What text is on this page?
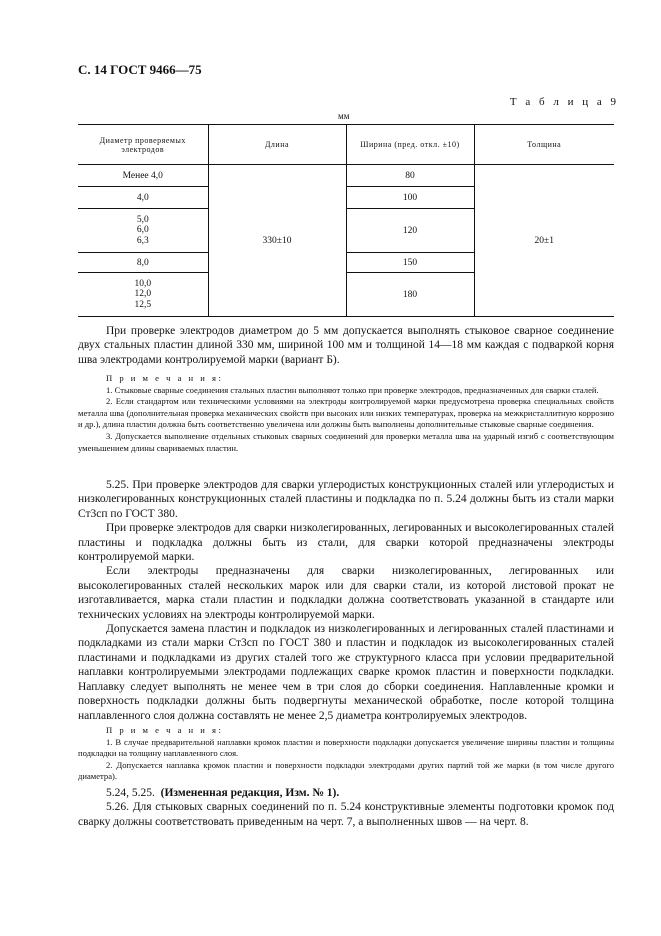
С. 14 ГОСТ 9466—75
Т а б л и ц а 9
мм
Диаметр проверяемых электродов	Длина	Ширина (пред. откл. ±10)	Толщина
Менее 4,0	330±10	80	20±1
4,0		100	
5,0
6,0
6,3		120	
8,0		150	
10,0
12,0
12,5		180	

При проверке электродов диаметром до 5 мм допускается выполнять стыковое сварное соединение двух стальных пластин длиной 330 мм, шириной 100 мм и толщиной 14—18 мм каждая с подваркой корня шва электродами контролируемой марки (вариант Б).

П р и м е ч а н и я:

1. Стыковые сварные соединения стальных пластин выполняют только при проверке электродов, предназначенных для сварки сталей.

2. Если стандартом или техническими условиями на электроды контролируемой марки предусмотрена проверка специальных свойств металла шва (дополнительная проверка механических свойств при высоких или низких температурах, проверка на межкристаллитную коррозию и др.), длина пластин должна быть соответственно увеличена или должны быть выполнены дополнительные стыковые сварные соединения.

3. Допускается выполнение отдельных стыковых сварных соединений для проверки металла шва на ударный изгиб с соответствующим уменьшением длины свариваемых пластин.

5.25. При проверке электродов для сварки углеродистых конструкционных сталей или углеродистых и низколегированных конструкционных сталей пластины и подкладка по п. 5.24 должны быть из стали марки Ст3сп по ГОСТ 380.

При проверке электродов для сварки низколегированных, легированных и высоколегированных сталей пластины и подкладка должны быть из стали, для сварки которой предназначены электроды контролируемой марки.

Если электроды предназначены для сварки низколегированных, легированных или высоколегированных сталей нескольких марок или для сварки стали, из которой листовой прокат не изготавливается, марка стали пластин и подкладки должна соответствовать указанной в стандарте или технических условиях на электроды контролируемой марки.

Допускается замена пластин и подкладок из низколегированных и легированных сталей пластинами и подкладками из стали марки Ст3сп по ГОСТ 380 и пластин и подкладок из высоколегированных сталей пластинами и подкладками из других сталей того же структурного класса при условии предварительной наплавки контролируемыми электродами подлежащих сварке кромок пластин и поверхности подкладки. Наплавку следует выполнять не менее чем в три слоя до сборки соединения. Наплавленные кромки и поверхность подкладки должны быть подвергнуты механической обработке, после которой толщина наплавленного слоя должна составлять не менее 2,5 диаметра контролируемых электродов.

П р и м е ч а н и я:

1. В случае предварительной наплавки кромок пластин и поверхности подкладки допускается увеличение ширины пластин и толщины подкладки на толщину наплавленного слоя.

2. Допускается наплавка кромок пластин и поверхности подкладки электродами других партий той же марки (в том числе другого диаметра).

5.24, 5.25. (Измененная редакция, Изм. № 1).

5.26. Для стыковых сварных соединений по п. 5.24 конструктивные элементы подготовки кромок под сварку должны соответствовать приведенным на черт. 7, а выполненных швов — на черт. 8.
